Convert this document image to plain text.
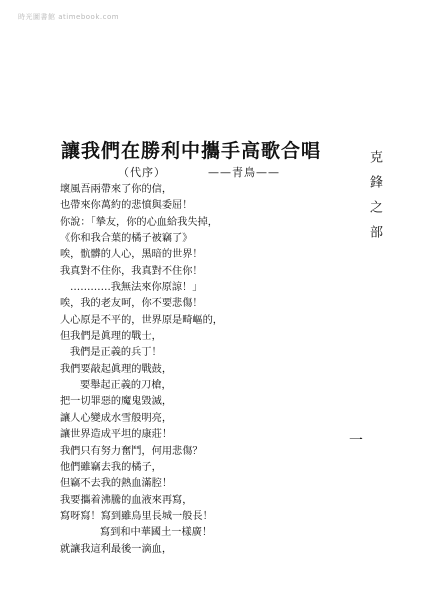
時光圖書館 atimebook.com
讓我們在勝利中攜手高歌合唱
（代序）	——青鳥——
壞風吾兩帶來了你的信，
也帶來你萬約的悲憤與委屈！
你說：「摯友，你的心血給我失掉，
《你和我合葉的橘子被竊了》
唉，骯髒的人心，黑暗的世界！
我真對不住你，我真對不住你！
…………我無法來你原諒！」
唉，我的老友呵，你不要悲傷！
人心原是不平的，世界原是畸嶇的，
但我們是眞理的戰士，
我們是正義的兵丁！
我們要敲起眞理的戰鼓，
要舉起正義的刀槍，
把一切罪惡的魔鬼毀滅，
讓人心變成水雪般明亮，
讓世界造成平坦的康莊！
我們只有努力奮鬥，何用悲傷？
他們雖竊去我的橘子，
但竊不去我的熱血滿腔！
我要攜着沸騰的血液來再寫，
寫呀寫！寫到雖鳥里長城一般長！
寫到和中華國土一樣廣！
就讓我這利最後一滴血，
克鋒之部
一
